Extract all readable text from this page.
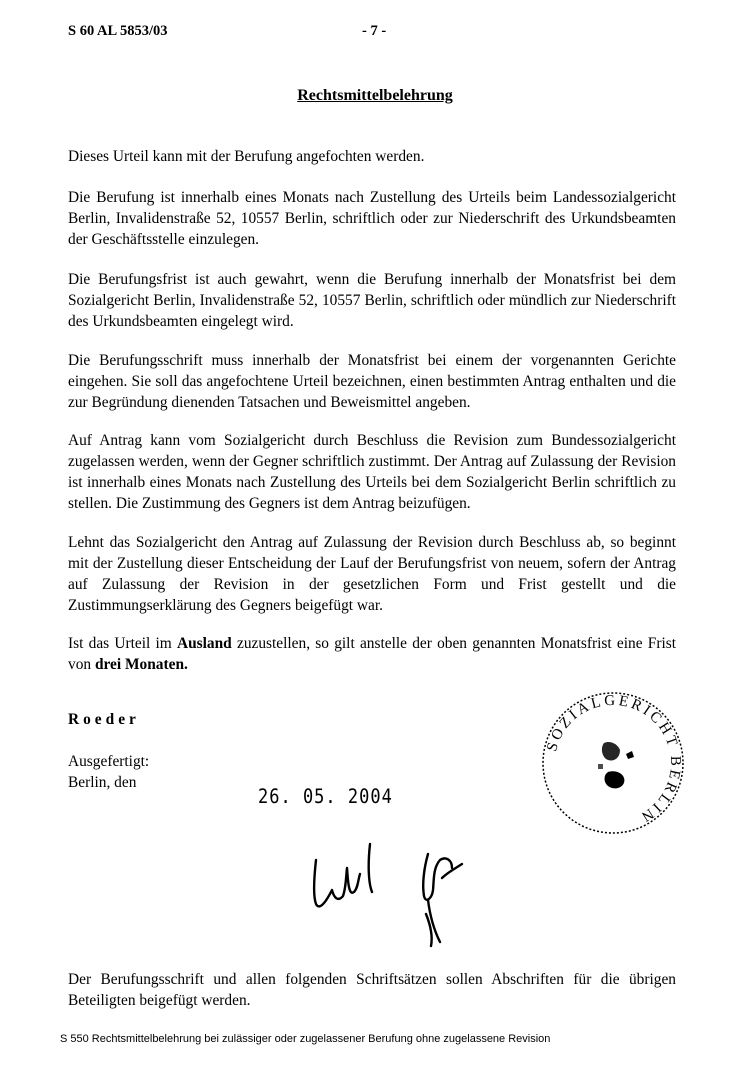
S 60 AL 5853/03	- 7 -
Rechtsmittelbelehrung

Dieses Urteil kann mit der Berufung angefochten werden.

Die Berufung ist innerhalb eines Monats nach Zustellung des Urteils beim Landessozialgericht Berlin, Invalidenstraße 52, 10557 Berlin, schriftlich oder zur Niederschrift des Urkundsbeamten der Geschäftsstelle einzulegen.

Die Berufungsfrist ist auch gewahrt, wenn die Berufung innerhalb der Monatsfrist bei dem Sozialgericht Berlin, Invalidenstraße 52, 10557 Berlin, schriftlich oder mündlich zur Niederschrift des Urkundsbeamten eingelegt wird.

Die Berufungsschrift muss innerhalb der Monatsfrist bei einem der vorgenannten Gerichte eingehen. Sie soll das angefochtene Urteil bezeichnen, einen bestimmten Antrag enthalten und die zur Begründung dienenden Tatsachen und Beweismittel angeben.

Auf Antrag kann vom Sozialgericht durch Beschluss die Revision zum Bundessozialgericht zugelassen werden, wenn der Gegner schriftlich zustimmt. Der Antrag auf Zulassung der Revision ist innerhalb eines Monats nach Zustellung des Urteils bei dem Sozialgericht Berlin schriftlich zu stellen. Die Zustimmung des Gegners ist dem Antrag beizufügen.

Lehnt das Sozialgericht den Antrag auf Zulassung der Revision durch Beschluss ab, so beginnt mit der Zustellung dieser Entscheidung der Lauf der Berufungsfrist von neuem, sofern der Antrag auf Zulassung der Revision in der gesetzlichen Form und Frist gestellt und die Zustimmungserklärung des Gegners beigefügt war.

Ist das Urteil im Ausland zuzustellen, so gilt anstelle der oben genannten Monatsfrist eine Frist von drei Monaten.

Roeder
Ausgefertigt:
Berlin, den
26. 05. 2004
SOZIALGERICHT BERLIN

Der Berufungsschrift und allen folgenden Schriftsätzen sollen Abschriften für die übrigen Beteiligten beigefügt werden.

S 550 Rechtsmittelbelehrung bei zulässiger oder zugelassener Berufung ohne zugelassene Revision
